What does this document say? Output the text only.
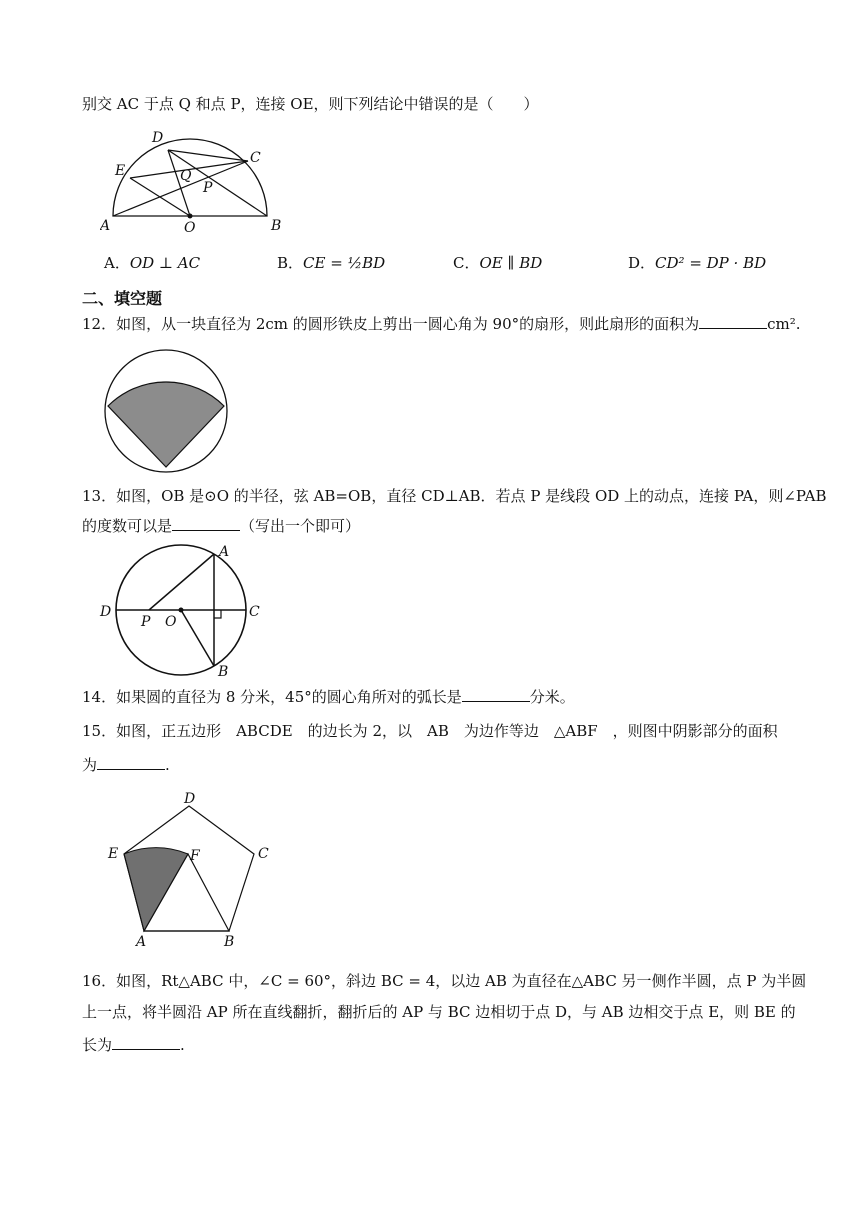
别交 AC 于点 Q 和点 P，连接 OE，则下列结论中错误的是（　　）
D
C
E	Q
P
A	O	B
A．OD ⊥ AC	B．CE = ½BD	C．OE ∥ BD	D．CD² = DP · BD
二、填空题
12．如图，从一块直径为 2cm 的圆形铁皮上剪出一圆心角为 90°的扇形，则此扇形的面积为	cm².
13．如图，OB 是⊙O 的半径，弦 AB=OB，直径 CD⊥AB．若点 P 是线段 OD 上的动点，连接 PA，则∠PAB
的度数可以是	（写出一个即可）
A
D
P O
C
B
14．如果圆的直径为 8 分米，45°的圆心角所对的弧长是	分米。
15．如图，正五边形　ABCDE　的边长为 2，以　AB　为边作等边　△ABF　，则图中阴影部分的面积
为	.
D
E	F	C
A	B
16．如图，Rt△ABC 中，∠C = 60°，斜边 BC = 4，以边 AB 为直径在△ABC 另一侧作半圆，点 P 为半圆
上一点，将半圆沿 AP 所在直线翻折，翻折后的 AP 与 BC 边相切于点 D，与 AB 边相交于点 E，则 BE 的
长为	.
